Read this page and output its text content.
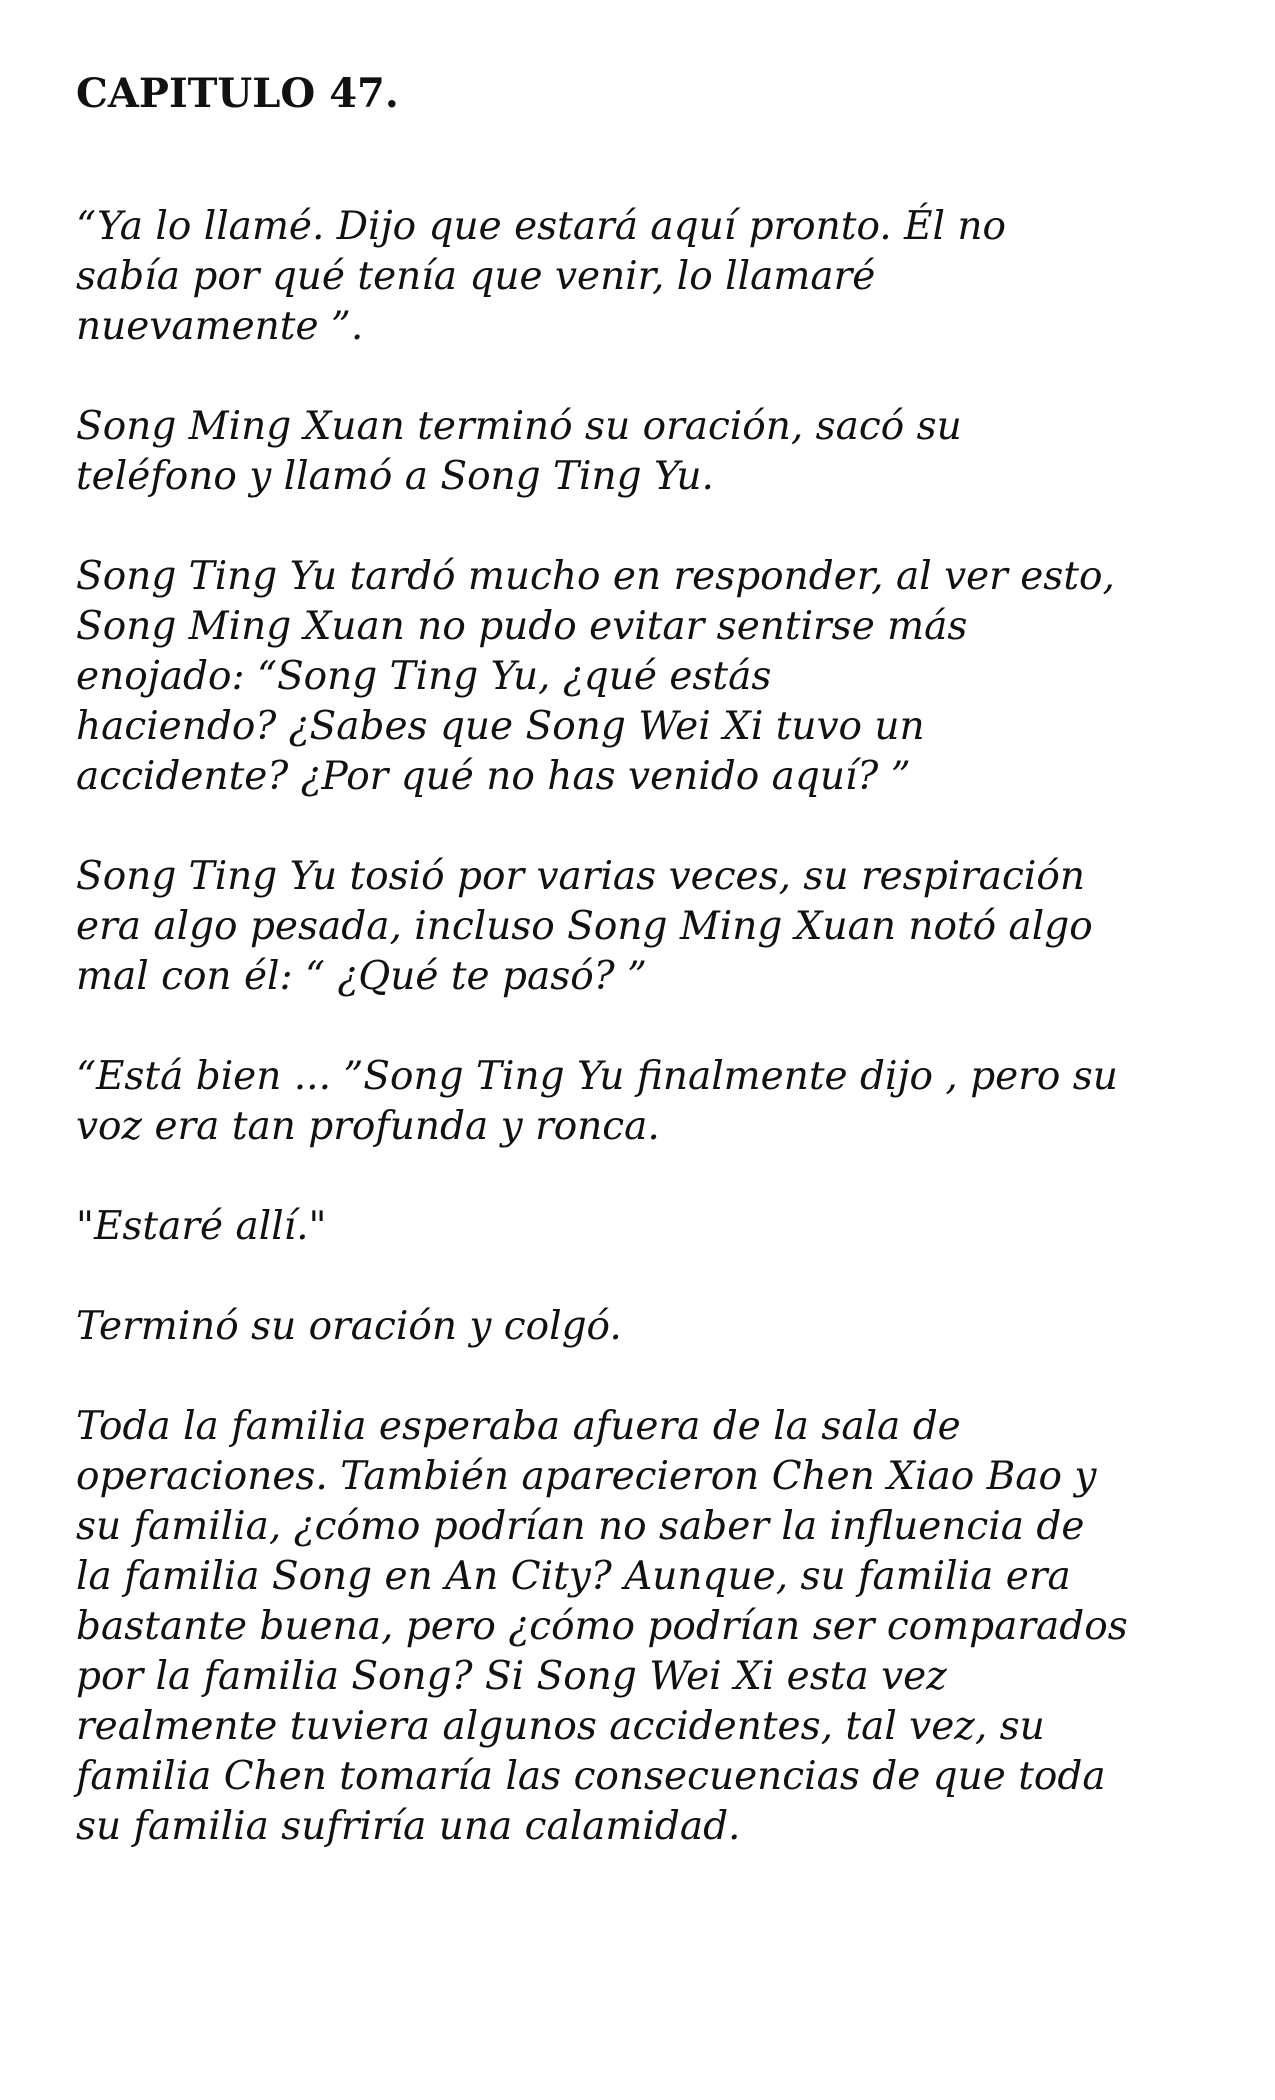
CAPITULO 47.

“Ya lo llamé. Dijo que estará aquí pronto. Él no
sabía por qué tenía que venir, lo llamaré
nuevamente ”.

Song Ming Xuan terminó su oración, sacó su
teléfono y llamó a Song Ting Yu.

Song Ting Yu tardó mucho en responder, al ver esto,
Song Ming Xuan no pudo evitar sentirse más
enojado: “Song Ting Yu, ¿qué estás
haciendo? ¿Sabes que Song Wei Xi tuvo un
accidente? ¿Por qué no has venido aquí? ”

Song Ting Yu tosió por varias veces, su respiración
era algo pesada, incluso Song Ming Xuan notó algo
mal con él: “ ¿Qué te pasó? ”

“Está bien ... ”Song Ting Yu finalmente dijo , pero su
voz era tan profunda y ronca.

"Estaré allí."

Terminó su oración y colgó.

Toda la familia esperaba afuera de la sala de
operaciones. También aparecieron Chen Xiao Bao y
su familia, ¿cómo podrían no saber la influencia de
la familia Song en An City? Aunque, su familia era
bastante buena, pero ¿cómo podrían ser comparados
por la familia Song? Si Song Wei Xi esta vez
realmente tuviera algunos accidentes, tal vez, su
familia Chen tomaría las consecuencias de que toda
su familia sufriría una calamidad.
